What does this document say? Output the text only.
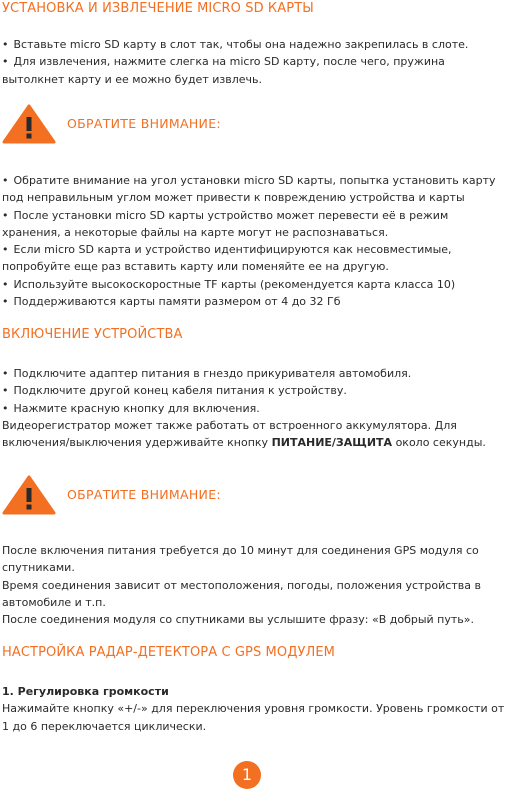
УСТАНОВКА И ИЗВЛЕЧЕНИЕ MICRO SD КАРТЫ

• Вставьте micro SD карту в слот так, чтобы она надежно закрепилась в слоте.

• Для извлечения, нажмите слегка на micro SD карту, после чего, пружина вытолкнет карту и ее можно будет извлечь.

ОБРАТИТЕ ВНИМАНИЕ:

• Обратите внимание на угол установки micro SD карты, попытка установить карту под неправильным углом может привести к повреждению устройства и карты

• После установки micro SD карты устройство может перевести её в режим хранения, а некоторые файлы на карте могут не распознаваться.

• Если micro SD карта и устройство идентифицируются как несовместимые, попробуйте еще раз вставить карту или поменяйте ее на другую.

• Используйте высокоскоростные TF карты (рекомендуется карта класса 10)

• Поддерживаются карты памяти размером от 4 до 32 Гб

ВКЛЮЧЕНИЕ УСТРОЙСТВА

• Подключите адаптер питания в гнездо прикуривателя автомобиля.

• Подключите другой конец кабеля питания к устройству.

• Нажмите красную кнопку для включения.

Видеорегистратор может также работать от встроенного аккумулятора. Для включения/выключения удерживайте кнопку ПИТАНИЕ/ЗАЩИТА около секунды.

ОБРАТИТЕ ВНИМАНИЕ:

После включения питания требуется до 10 минут для соединения GPS модуля со спутниками.

Время соединения зависит от местоположения, погоды, положения устройства в автомобиле и т.п.

После соединения модуля со спутниками вы услышите фразу: «В добрый путь».

НАСТРОЙКА РАДАР-ДЕТЕКТОРА С GPS МОДУЛЕМ

1. Регулировка громкости

Нажимайте кнопку «+/-» для переключения уровня громкости. Уровень громкости от 1 до 6 переключается циклически.

1
